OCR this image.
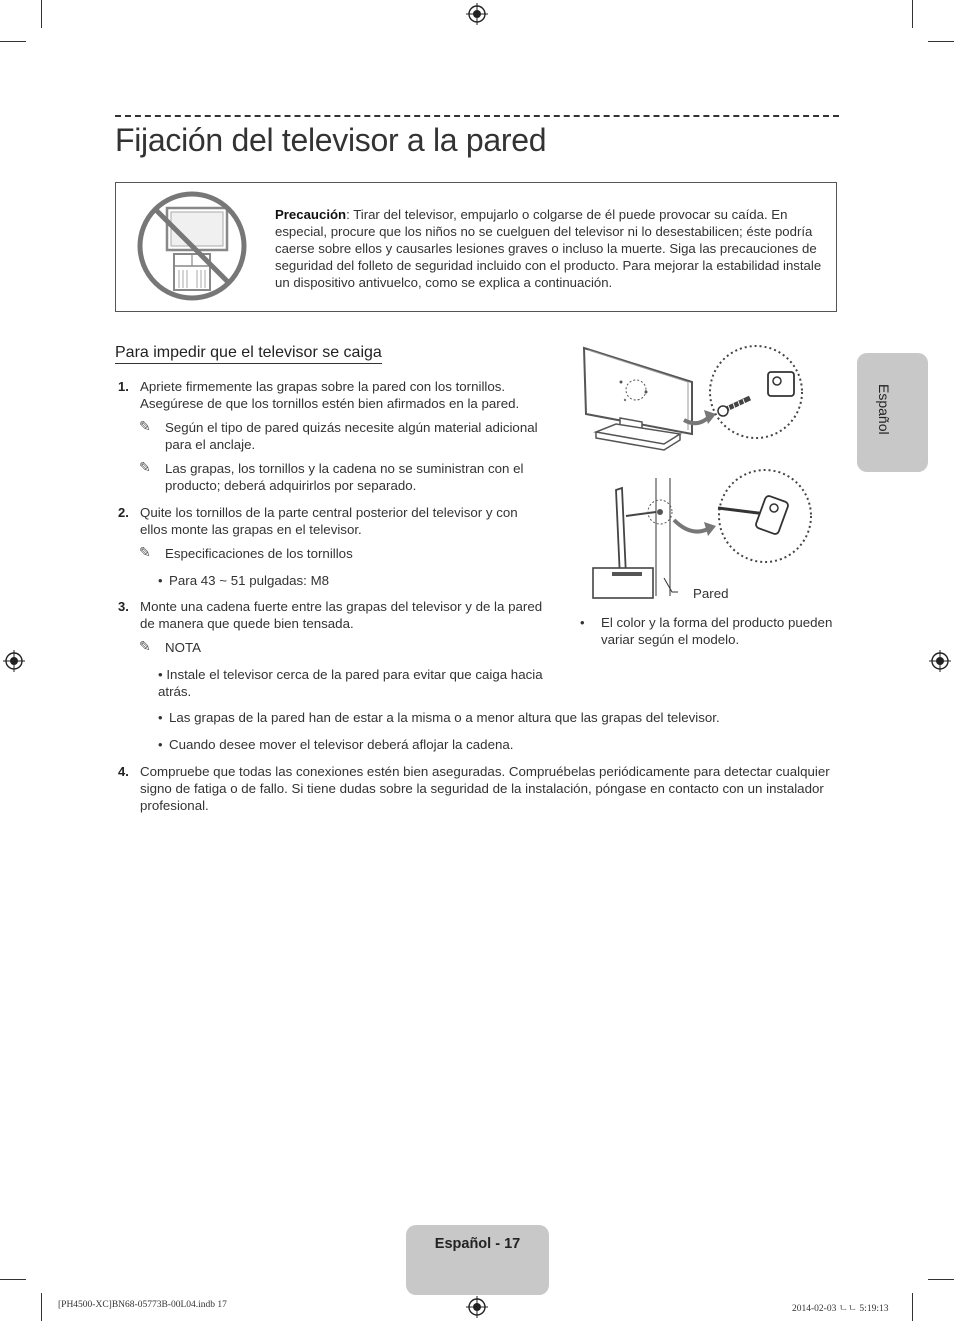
Fijación del televisor a la pared
Precaución: Tirar del televisor, empujarlo o colgarse de él puede provocar su caída. En especial, procure que los niños no se cuelguen del televisor ni lo desestabilicen; éste podría caerse sobre ellos y causarles lesiones graves o incluso la muerte. Siga las precauciones de seguridad del folleto de seguridad incluido con el producto. Para mejorar la estabilidad instale un dispositivo antivuelco, como se explica a continuación.
Español
Para impedir que el televisor se caiga
1. Apriete firmemente las grapas sobre la pared con los tornillos. Asegúrese de que los tornillos estén bien afirmados en la pared.
✎ Según el tipo de pared quizás necesite algún material adicional para el anclaje.
✎ Las grapas, los tornillos y la cadena no se suministran con el producto; deberá adquirirlos por separado.
2. Quite los tornillos de la parte central posterior del televisor y con ellos monte las grapas en el televisor.
✎ Especificaciones de los tornillos
• Para 43 ~ 51 pulgadas: M8
3. Monte una cadena fuerte entre las grapas del televisor y de la pared de manera que quede bien tensada.
✎ NOTA
• Instale el televisor cerca de la pared para evitar que caiga hacia atrás.
• Las grapas de la pared han de estar a la misma o a menor altura que las grapas del televisor.
• Cuando desee mover el televisor deberá aflojar la cadena.
4. Compruebe que todas las conexiones estén bien aseguradas. Compruébelas periódicamente para detectar cualquier signo de fatiga o de fallo. Si tiene dudas sobre la seguridad de la instalación, póngase en contacto con un instalador profesional.
Pared
• El color y la forma del producto pueden variar según el modelo.
Español - 17
[PH4500-XC]BN68-05773B-00L04.indb 17	2014-02-03 ﾤﾤ 5:19:13
